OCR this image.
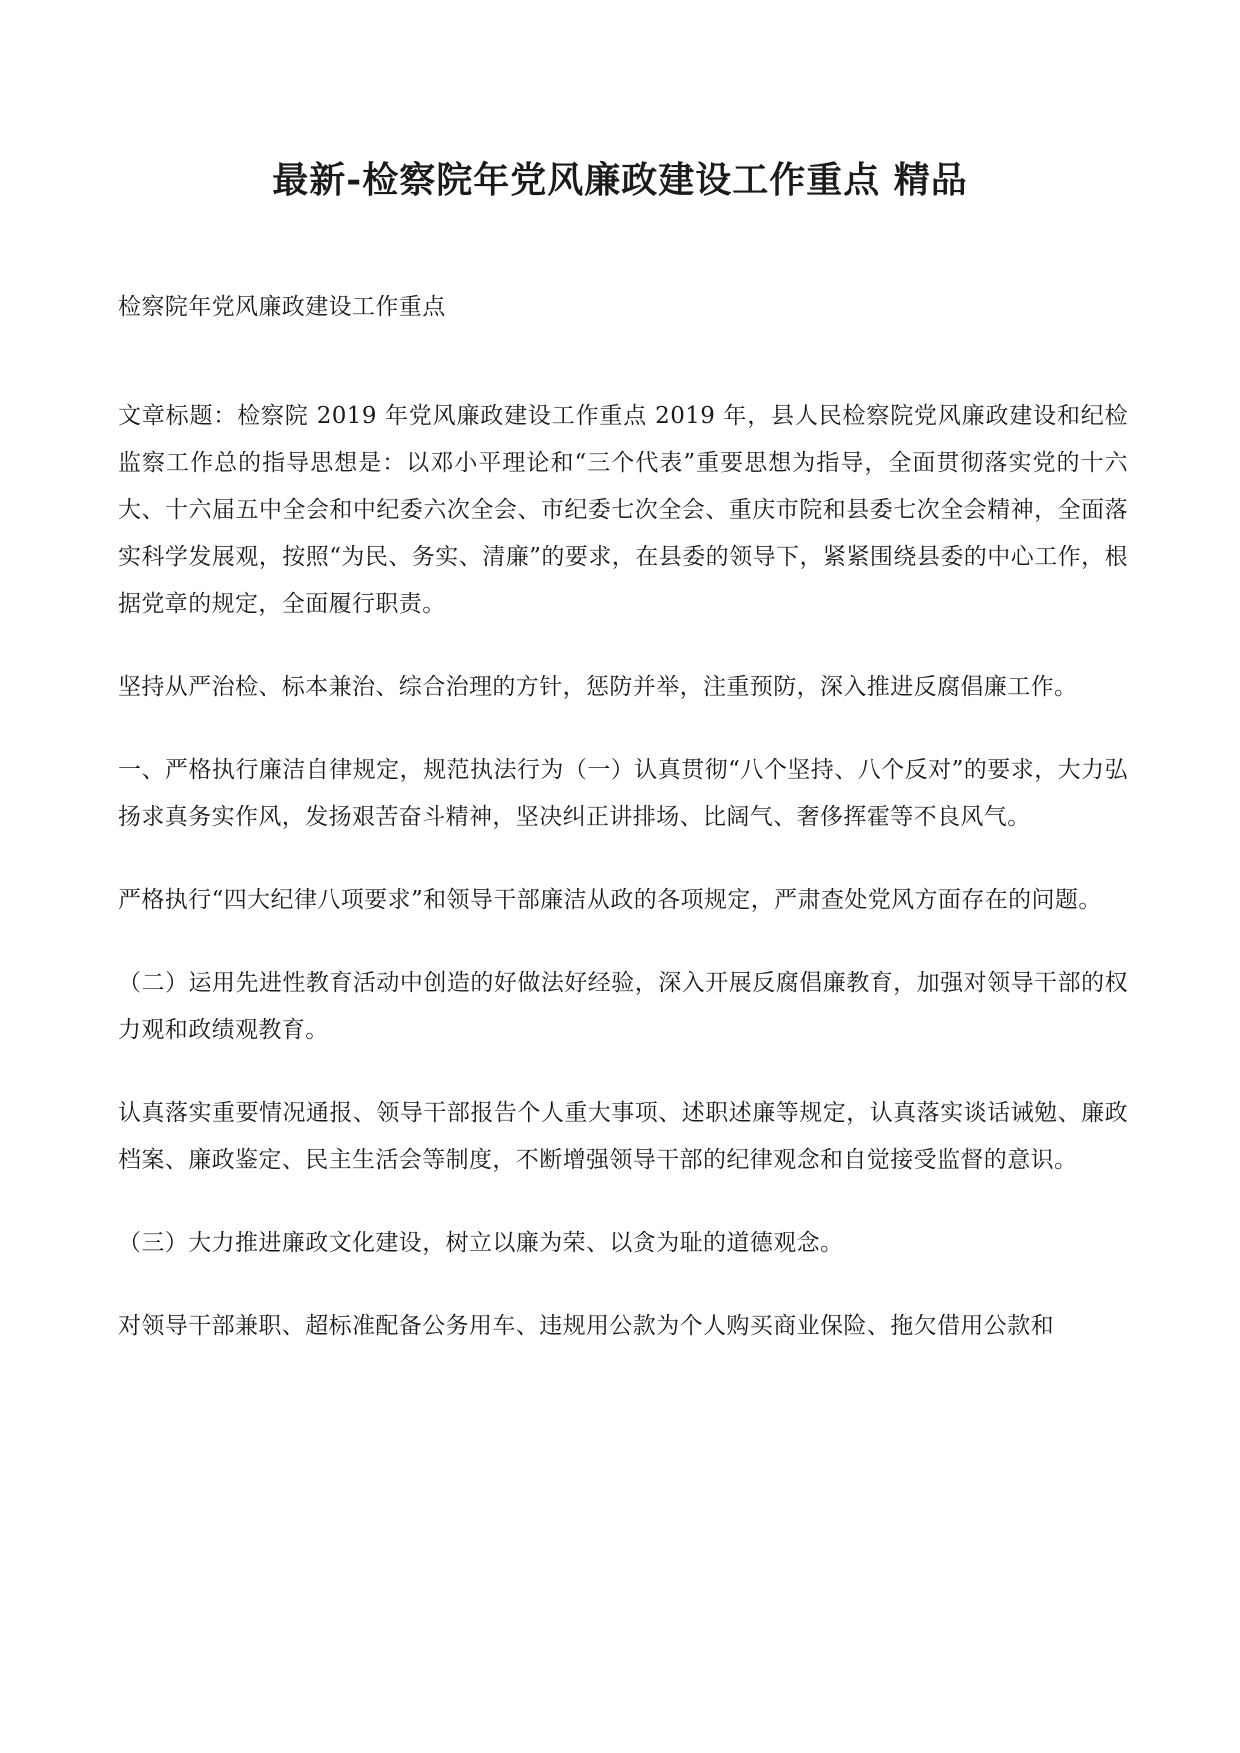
最新-检察院年党风廉政建设工作重点 精品

检察院年党风廉政建设工作重点

文章标题：检察院 2019 年党风廉政建设工作重点 2019 年，县人民检察院党风廉政建设和纪检监察工作总的指导思想是：以邓小平理论和“三个代表”重要思想为指导，全面贯彻落实党的十六大、十六届五中全会和中纪委六次全会、市纪委七次全会、重庆市院和县委七次全会精神，全面落实科学发展观，按照“为民、务实、清廉”的要求，在县委的领导下，紧紧围绕县委的中心工作，根据党章的规定，全面履行职责。

坚持从严治检、标本兼治、综合治理的方针，惩防并举，注重预防，深入推进反腐倡廉工作。

一、严格执行廉洁自律规定，规范执法行为（一）认真贯彻“八个坚持、八个反对”的要求，大力弘扬求真务实作风，发扬艰苦奋斗精神，坚决纠正讲排场、比阔气、奢侈挥霍等不良风气。

严格执行“四大纪律八项要求”和领导干部廉洁从政的各项规定，严肃查处党风方面存在的问题。

（二）运用先进性教育活动中创造的好做法好经验，深入开展反腐倡廉教育，加强对领导干部的权力观和政绩观教育。

认真落实重要情况通报、领导干部报告个人重大事项、述职述廉等规定，认真落实谈话诫勉、廉政档案、廉政鉴定、民主生活会等制度，不断增强领导干部的纪律观念和自觉接受监督的意识。

（三）大力推进廉政文化建设，树立以廉为荣、以贪为耻的道德观念。

对领导干部兼职、超标准配备公务用车、违规用公款为个人购买商业保险、拖欠借用公款和
